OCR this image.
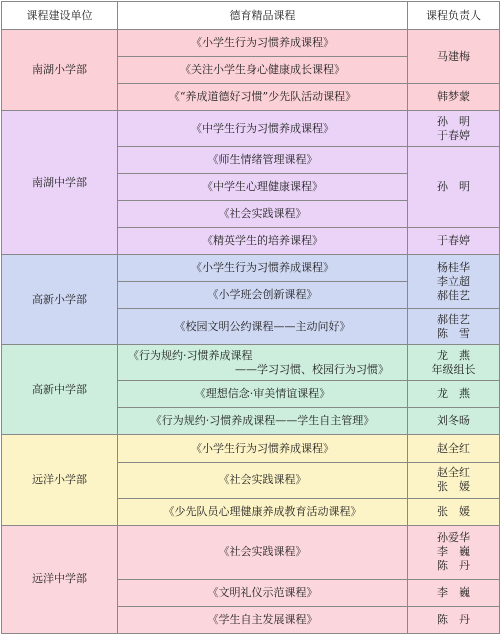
课程建设单位	德育精品课程	课程负责人
南湖小学部	《小学生行为习惯养成课程》	马建梅

	《关注小学生身心健康成长课程》	
	《“养成道德好习惯”少先队活动课程》	韩梦蒙

南湖中学部	《中学生行为习惯养成课程》	孙　明
于春婷

	《师生情绪管理课程》	孙　明

	《中学生心理健康课程》	
	《社会实践课程》	
	《精英学生的培养课程》	于春婷

高新小学部	《小学生行为习惯养成课程》	杨桂华
李立超
郝佳艺

	《小学班会创新课程》	
	《校园文明公约课程——主动问好》	郝佳艺
陈　雪

高新中学部	《行为规约·习惯养成课程
——学习习惯、校园行为习惯》	龙　燕
年级组长

	《理想信念·审美情谊课程》	龙　燕

	《行为规约·习惯养成课程——学生自主管理》	刘冬旸

远洋小学部	《小学生行为习惯养成课程》	赵全红

	《社会实践课程》	赵全红
张　媛

	《少先队员心理健康养成教育活动课程》	张　媛

远洋中学部	《社会实践课程》	孙爱华
李　巍
陈　丹

	《文明礼仪示范课程》	李　巍

	《学生自主发展课程》	陈　丹
